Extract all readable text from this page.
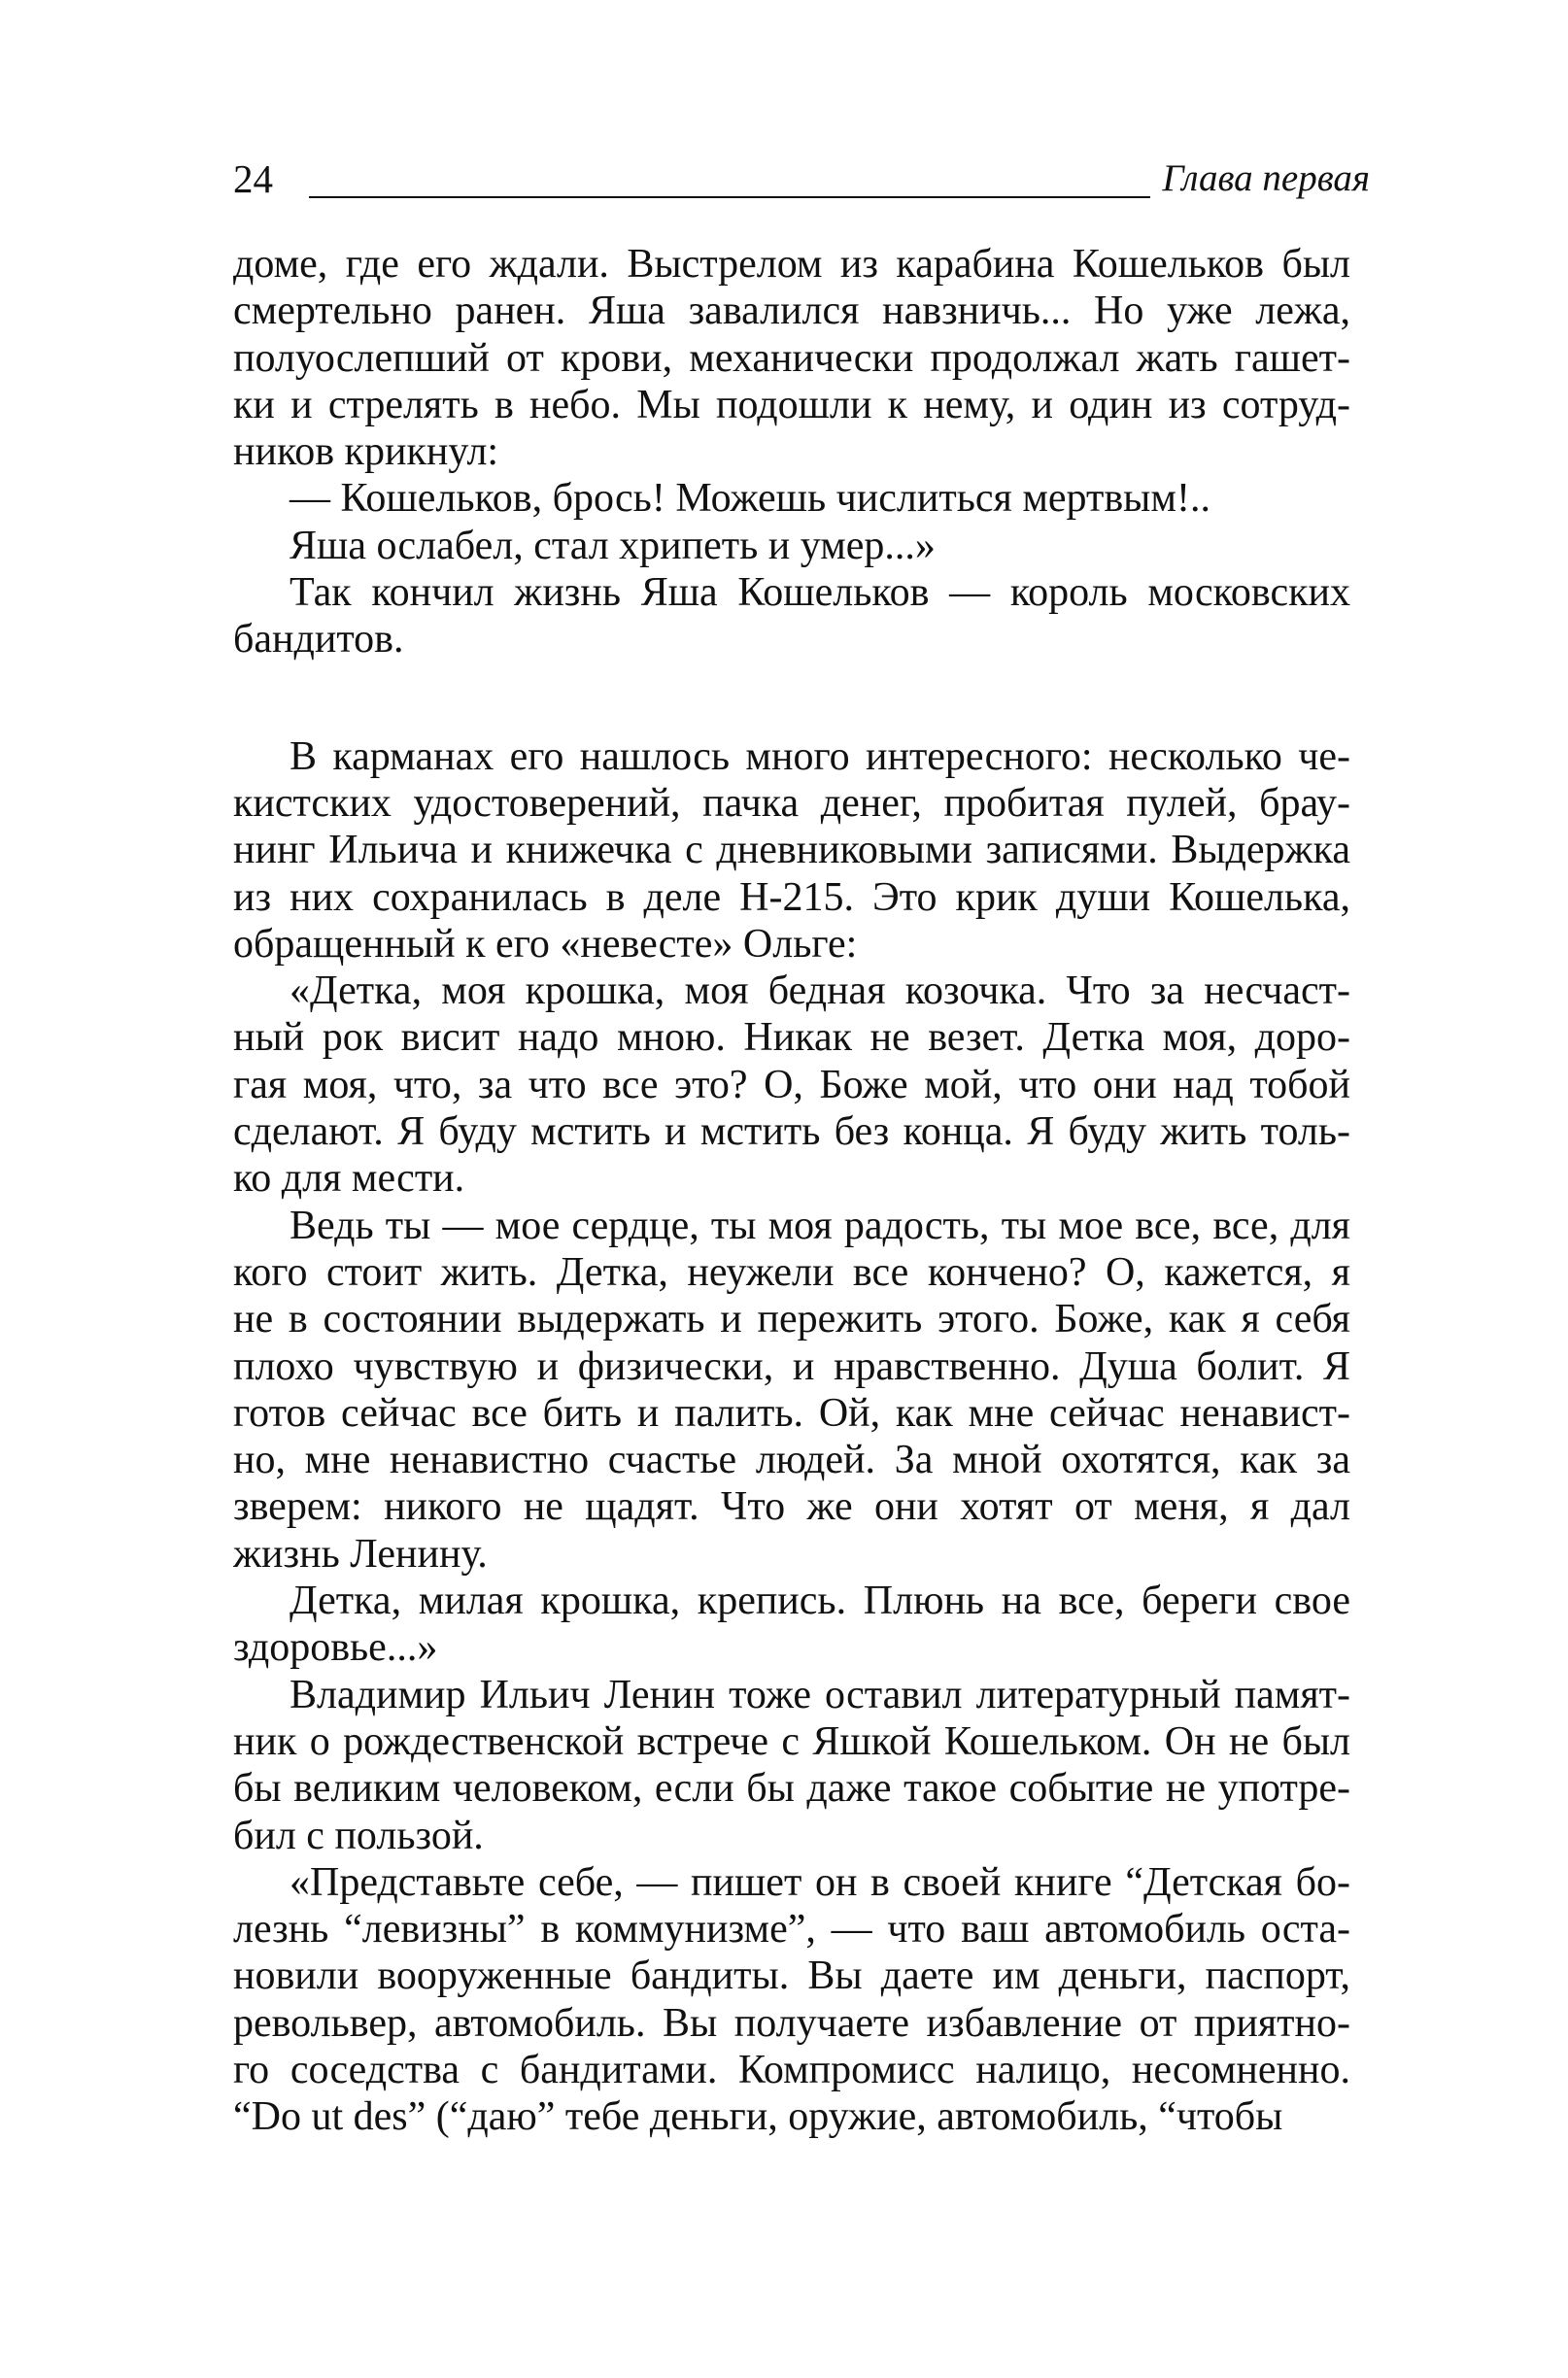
24	Глава первая
доме, где его ждали. Выстрелом из карабина Кошельков был
смертельно ранен. Яша завалился навзничь... Но уже лежа,
полуослепший от крови, механически продолжал жать гашет-
ки и стрелять в небо. Мы подошли к нему, и один из сотруд-
ников крикнул:
— Кошельков, брось! Можешь числиться мертвым!..
Яша ослабел, стал хрипеть и умер...»
Так кончил жизнь Яша Кошельков — король московских
бандитов.
В карманах его нашлось много интересного: несколько че-
кистских удостоверений, пачка денег, пробитая пулей, брау-
нинг Ильича и книжечка с дневниковыми записями. Выдержка
из них сохранилась в деле Н-215. Это крик души Кошелька,
обращенный к его «невесте» Ольге:
«Детка, моя крошка, моя бедная козочка. Что за несчаст-
ный рок висит надо мною. Никак не везет. Детка моя, доро-
гая моя, что, за что все это? О, Боже мой, что они над тобой
сделают. Я буду мстить и мстить без конца. Я буду жить толь-
ко для мести.
Ведь ты — мое сердце, ты моя радость, ты мое все, все, для
кого стоит жить. Детка, неужели все кончено? О, кажется, я
не в состоянии выдержать и пережить этого. Боже, как я себя
плохо чувствую и физически, и нравственно. Душа болит. Я
готов сейчас все бить и палить. Ой, как мне сейчас ненавист-
но, мне ненавистно счастье людей. За мной охотятся, как за
зверем: никого не щадят. Что же они хотят от меня, я дал
жизнь Ленину.
Детка, милая крошка, крепись. Плюнь на все, береги свое
здоровье...»
Владимир Ильич Ленин тоже оставил литературный памят-
ник о рождественской встрече с Яшкой Кошельком. Он не был
бы великим человеком, если бы даже такое событие не употре-
бил с пользой.
«Представьте себе, — пишет он в своей книге “Детская бо-
лезнь “левизны” в коммунизме”, — что ваш автомобиль оста-
новили вооруженные бандиты. Вы даете им деньги, паспорт,
револьвер, автомобиль. Вы получаете избавление от приятно-
го соседства с бандитами. Компромисс налицо, несомненно.
“Do ut des” (“даю” тебе деньги, оружие, автомобиль, “чтобы
